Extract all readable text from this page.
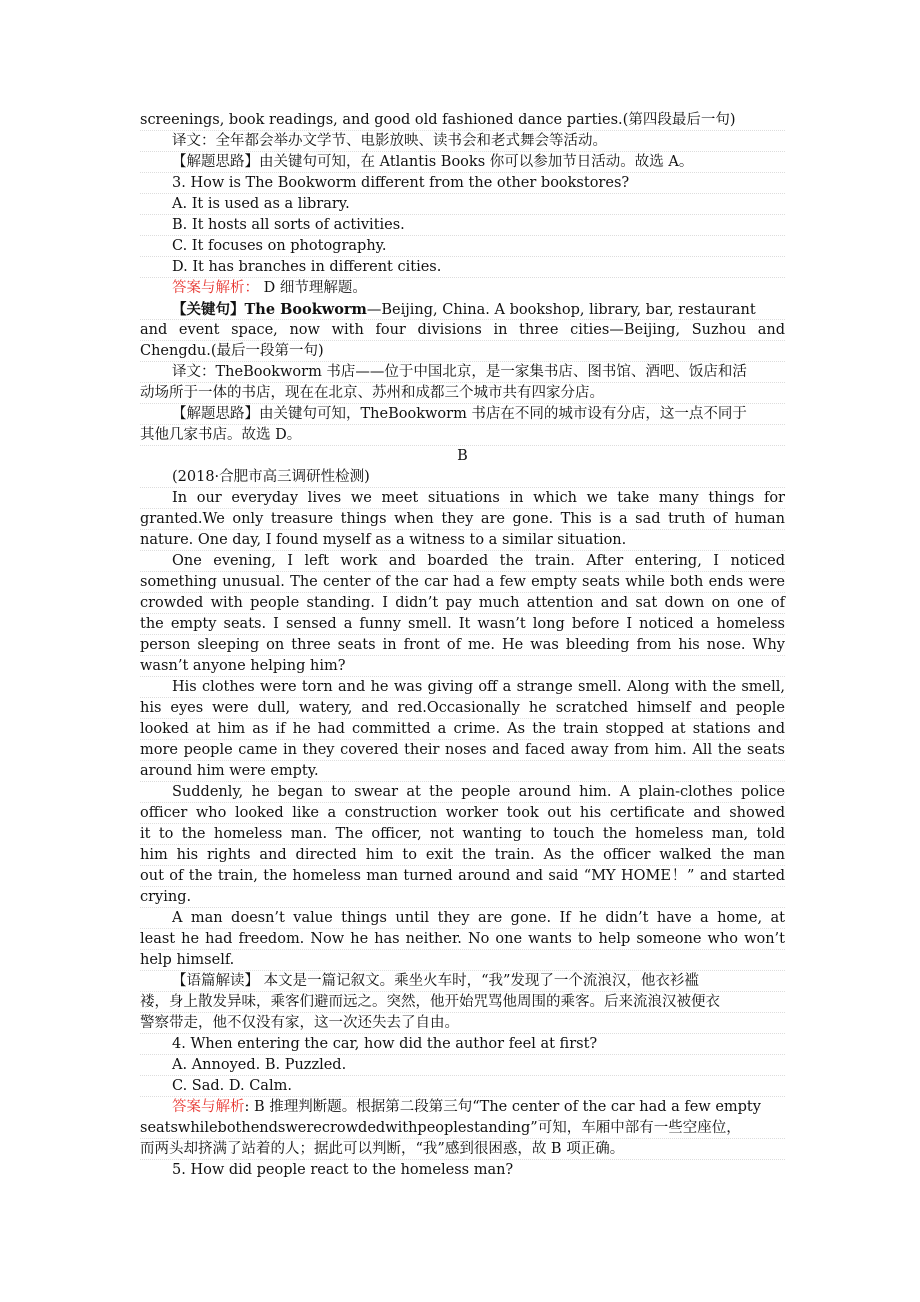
screenings, book readings, and good old fashioned dance parties.(第四段最后一句)
译文：全年都会举办文学节、电影放映、读书会和老式舞会等活动。
【解题思路】由关键句可知，在 Atlantis Books 你可以参加节日活动。故选 A。
3. How is The Bookworm different from the other bookstores?
A. It is used as a library.
B. It hosts all sorts of activities.
C. It focuses on photography.
D. It has branches in different cities.
答案与解析： D 细节理解题。
【关键句】The Bookworm—Beijing, China. A bookshop, library, bar, restaurant
and event space, now with four divisions in three cities—Beijing, Suzhou and
Chengdu.(最后一段第一句)
译文：TheBookworm 书店——位于中国北京，是一家集书店、图书馆、酒吧、饭店和活
动场所于一体的书店，现在在北京、苏州和成都三个城市共有四家分店。
【解题思路】由关键句可知，TheBookworm 书店在不同的城市设有分店，这一点不同于
其他几家书店。故选 D。
B
(2018·合肥市高三调研性检测)
In our everyday lives we meet situations in which we take many things for
granted.We only treasure things when they are gone. This is a sad truth of human
nature. One day, I found myself as a witness to a similar situation.
One evening, I left work and boarded the train. After entering, I noticed
something unusual. The center of the car had a few empty seats while both ends were
crowded with people standing. I didn’t pay much attention and sat down on one of
the empty seats. I sensed a funny smell. It wasn’t long before I noticed a homeless
person sleeping on three seats in front of me. He was bleeding from his nose. Why
wasn’t anyone helping him?
His clothes were torn and he was giving off a strange smell. Along with the smell,
his eyes were dull, watery, and red.Occasionally he scratched himself and people
looked at him as if he had committed a crime. As the train stopped at stations and
more people came in they covered their noses and faced away from him. All the seats
around him were empty.
Suddenly, he began to swear at the people around him. A plain-clothes police
officer who looked like a construction worker took out his certificate and showed
it to the homeless man. The officer, not wanting to touch the homeless man, told
him his rights and directed him to exit the train. As the officer walked the man
out of the train, the homeless man turned around and said “MY HOME！” and started
crying.
A man doesn’t value things until they are gone. If he didn’t have a home, at
least he had freedom. Now he has neither. No one wants to help someone who won’t
help himself.
【语篇解读】 本文是一篇记叙文。乘坐火车时，“我”发现了一个流浪汉，他衣衫褴
褛，身上散发异味，乘客们避而远之。突然，他开始咒骂他周围的乘客。后来流浪汉被便衣
警察带走，他不仅没有家，这一次还失去了自由。
4. When entering the car, how did the author feel at first?
A. Annoyed. B. Puzzled.
C. Sad. D. Calm.
答案与解析: B 推理判断题。根据第二段第三句“The center of the car had a few empty
seatswhilebothendswerecrowdedwithpeoplestanding”可知，车厢中部有一些空座位，
而两头却挤满了站着的人；据此可以判断，“我”感到很困惑，故 B 项正确。
5. How did people react to the homeless man?
